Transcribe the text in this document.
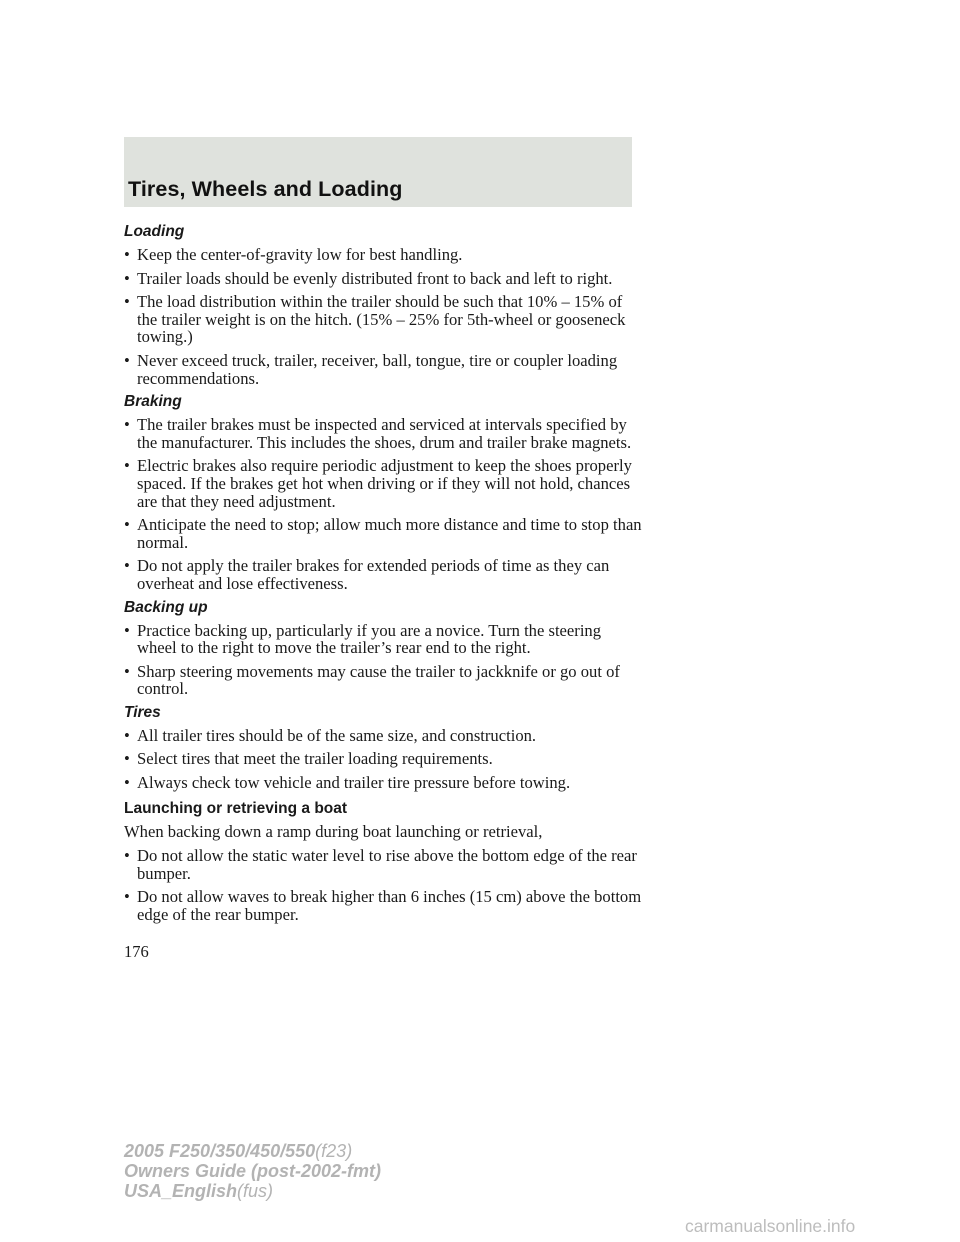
Tires, Wheels and Loading
Loading
• Keep the center-of-gravity low for best handling.
• Trailer loads should be evenly distributed front to back and left to right.
• The load distribution within the trailer should be such that 10% – 15% of the trailer weight is on the hitch. (15% – 25% for 5th-wheel or gooseneck towing.)
• Never exceed truck, trailer, receiver, ball, tongue, tire or coupler loading recommendations.
Braking
• The trailer brakes must be inspected and serviced at intervals specified by the manufacturer. This includes the shoes, drum and trailer brake magnets.
• Electric brakes also require periodic adjustment to keep the shoes properly spaced. If the brakes get hot when driving or if they will not hold, chances are that they need adjustment.
• Anticipate the need to stop; allow much more distance and time to stop than normal.
• Do not apply the trailer brakes for extended periods of time as they can overheat and lose effectiveness.
Backing up
• Practice backing up, particularly if you are a novice. Turn the steering wheel to the right to move the trailer’s rear end to the right.
• Sharp steering movements may cause the trailer to jackknife or go out of control.
Tires
• All trailer tires should be of the same size, and construction.
• Select tires that meet the trailer loading requirements.
• Always check tow vehicle and trailer tire pressure before towing.
Launching or retrieving a boat

When backing down a ramp during boat launching or retrieval,

• Do not allow the static water level to rise above the bottom edge of the rear bumper.
• Do not allow waves to break higher than 6 inches (15 cm) above the bottom edge of the rear bumper.
176
2005 F250/350/450/550(f23)
Owners Guide (post-2002-fmt)
USA_English(fus)
carmanualsonline.info
